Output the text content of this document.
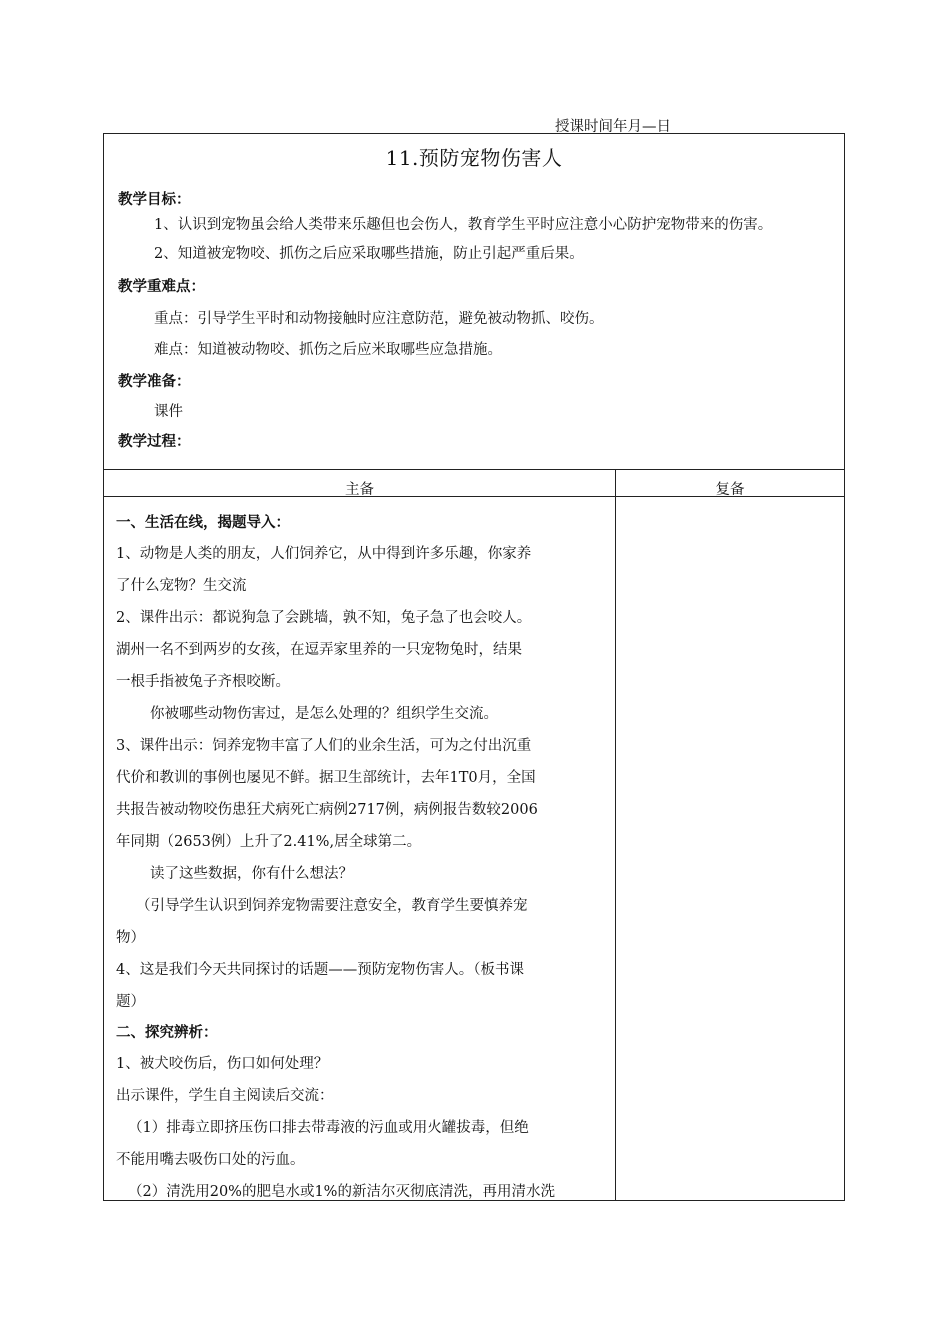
授课时间年月—日
11.预防宠物伤害人
教学目标：
1、认识到宠物虽会给人类带来乐趣但也会伤人，教育学生平时应注意小心防护宠物带来的伤害。
2、知道被宠物咬、抓伤之后应采取哪些措施，防止引起严重后果。
教学重难点：
重点：引导学生平时和动物接触时应注意防范，避免被动物抓、咬伤。
难点：知道被动物咬、抓伤之后应米取哪些应急措施。
教学准备：
课件
教学过程：
主备	复备
一、生活在线，揭题导入：
1、动物是人类的朋友，人们饲养它，从中得到许多乐趣，你家养
了什么宠物？生交流
2、课件出示：都说狗急了会跳墙，孰不知，兔子急了也会咬人。
湖州一名不到两岁的女孩，在逗弄家里养的一只宠物兔时，结果
一根手指被兔子齐根咬断。
你被哪些动物伤害过，是怎么处理的？组织学生交流。
3、课件出示：饲养宠物丰富了人们的业余生活，可为之付出沉重
代价和教训的事例也屡见不鲜。据卫生部统计，去年1T0月，全国
共报告被动物咬伤患狂犬病死亡病例2717例，病例报告数较2006
年同期（2653例）上升了2.41%,居全球第二。
读了这些数据，你有什么想法？
（引导学生认识到饲养宠物需要注意安全，教育学生要慎养宠
物）
4、这是我们今天共同探讨的话题——预防宠物伤害人。（板书课
题）
二、探究辨析：
1、被犬咬伤后，伤口如何处理？
出示课件，学生自主阅读后交流：
（1）排毒立即挤压伤口排去带毒液的污血或用火罐拔毒，但绝
不能用嘴去吸伤口处的污血。
（2）清洗用20%的肥皂水或1%的新洁尔灭彻底清洗，再用清水洗
